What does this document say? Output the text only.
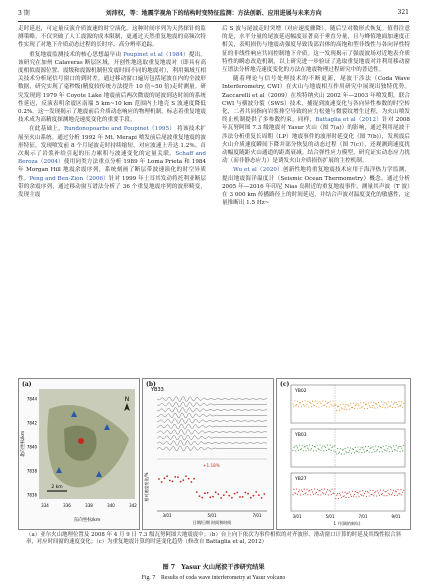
3 期	刘沛权，等：地震学视角下的结构时变特征监测：方法创新、应用进展与未来方向	321

走时延迟，可定量反演介质波速的时空演化。这种时间序列为天然探针的监测策略，不仅突破了人工震源的成本限制，更通过天然重复地震的高频次特性实现了对地下介质动态过程的长时序、高分辨率追踪。

重复地震监测技术的核心思想最早由 Poupinet et al（1984）提出。该研究在加州 Calaveras 断层区域，开创性地选取重复地震对（即具有高度相似震源位置、震级和震源机制但发震时间不同的地震对），利用频域互相关技术分析尾信号窗口的到时差。通过移动窗口遍历包括尾波在内的全波形数据，研究实现了毫秒级(精度较传统方法提升 10 倍~50 倍)走时测量。研究发现到 1979 年 Coyote Lake 地震前后两次微震的尾波到达时间的系统性延迟，反演表明余震区南端 5 km~10 km 范围内上地壳 S 波速度降低 0.2%。这一发现揭示了地震前后介质动态响应的物理机制，标志着重复地震技术成为高精度探测地壳速度变化的重要手段。

在此基础上，Rundonopoarbo and Poupinet（1995） 将该技术扩展至火山系统。通过分析 1992 年 Mt. Merapi 喷发前后尾波重复地震的波形特征，发现喷发前 8 个月尾波走时持续缩短，对应波速上升达 1.2%。首次揭示了岩浆补给引起的压力累积与波速变化的定量关联。Schaff and Beroza（2004）使用同类方法重点分析 1989 年 Loma Prieta 和 1984 年 Morgan Hill 地震余震序列，系统刻画了断层带波速演化的时空异质性。Peng and Ben-Zion（2006）针对 1999 年土耳其发动将托利亚断层带的余震序列，通过移动窗互谱法分析了 36 个重复地震序列的波形畸变，发现主震

后 S 波与尾波走时突增（对应速度骤降），随后呈对数形式恢复。值得注意的是，水平分量的尾波延迟幅度显著高于垂直分量，且与峰值地面加速度正相关，表明损伤与地震动强度导致浅部岩体的高饱和型非线性与各向异性特征的非线性响应共同控制地下介质。这一发现揭示了强震波场对近地表介质特性的瞬态改造机制，以上研究进一步验证了选取重复地震对并利用移动窗互谱法分析地壳速度变化的方法在地震物理过程研究中的普适性。

随着理论与信号处理技术的不断更新，尾波干涉法（Coda Wave Interferometry, CWI）在火山与地震相互作用研究中展现出独特优势。Zaccarelli et al（2009）在埃特纳火山 2002 年—2003 年喷发期，联合 CWI 与横波分裂（SWS）技术，捕捉到波速变化与各向异性参数的时空转化，二者共同指向岩浆排空导致的应力松弛与微裂纹增生过程，为火山喷发终止机制提供了多参数约束。同样，Battaglia et al（2012）针对 2008 年瓦努阿图 7.3 级地震对 Yasur 火山（图 7(a)）的影响，通过利用尾波干涉法分析重复长周期（LP）地震事件的波形时延变化（图 7(b)），发现震后火山介质速度瞬间下降并部分恢复的动态过程（图 7(c)），还观测到速度扰动幅度随距火山通道的距离衰减。结合弹性应力模型，研究证实动态应力扰动（而非静态应力）是诱发火山介质损伤扩展的主控机制。

Wu et al（2020）创新性地将重复地震技术应用于海洋热力学监测，提出地震海洋温度计（Seismic Ocean Thermometry）概念。通过分析 2005 年—2016 年印尼 Nias 岛附近的重复地震事件，测量其声波（T 波）在 3 000 km 传播路径上的时间延迟，并结合声波对温度变化的敏感性，定量推断出 1.5 Hz~

N
2 km
7844
7842
7840
7838
7836
334	336	338	340	342
东向坐标/km
北向坐标/km
(a)
YB33
+1.18%
3/01	5/01	7/01
日期/日期 时间和时间
相对速度变化/%
(b)
YB02
YB03
YB27
3/01	5/01	7/01	9/01
1 月(调的刻年)
(c)
（a）亚尔火山地理位置及 2008 年 4 月 9 日 7.3 级瓦努阿图大地震震中；（b）台上向下依次为事件相似的对齐波形、滑动窗口计算的时延及其线性拟合斜率，对应时间窗的速度变化；（c）为重复地震计算的时延变化趋势（修改自 Battaglia et al, 2012）
图 7　Yasur 火山尾波干涉研究结果
Fig. 7　Results of coda wave interferometry at Yasur volcano
